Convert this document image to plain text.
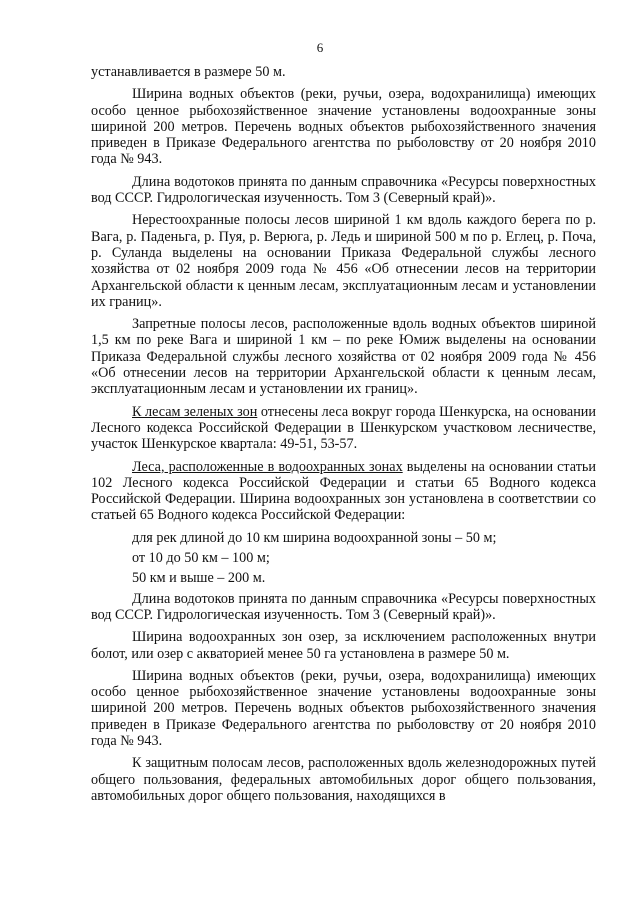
6

устанавливается в размере 50 м.

Ширина водных объектов (реки, ручьи, озера, водохранилища) имеющих особо ценное рыбохозяйственное значение установлены водоохранные зоны шириной 200 метров. Перечень водных объектов рыбохозяйственного значения приведен в Приказе Федерального агентства по рыболовству от 20 ноября 2010 года № 943.

Длина водотоков принята по данным справочника «Ресурсы поверхностных вод СССР. Гидрологическая изученность. Том 3 (Северный край)».

Нерестоохранные полосы лесов шириной 1 км вдоль каждого берега по р. Вага, р. Паденьга, р. Пуя, р. Верюга, р. Ледь и шириной 500 м по р. Еглец, р. Поча, р. Суланда выделены на основании Приказа Федеральной службы лесного хозяйства от 02 ноября 2009 года № 456 «Об отнесении лесов на территории Архангельской области к ценным лесам, эксплуатационным лесам и установлении их границ».

Запретные полосы лесов, расположенные вдоль водных объектов шириной 1,5 км по реке Вага и шириной 1 км – по реке Юмиж выделены на основании Приказа Федеральной службы лесного хозяйства от 02 ноября 2009 года № 456 «Об отнесении лесов на территории Архангельской области к ценным лесам, эксплуатационным лесам и установлении их границ».

К лесам зеленых зон отнесены леса вокруг города Шенкурска, на основании Лесного кодекса Российской Федерации в Шенкурском участковом лесничестве, участок Шенкурское квартала: 49-51, 53-57.

Леса, расположенные в водоохранных зонах выделены на основании статьи 102 Лесного кодекса Российской Федерации и статьи 65 Водного кодекса Российской Федерации. Ширина водоохранных зон установлена в соответствии со статьей 65 Водного кодекса Российской Федерации:

для рек длиной до 10 км ширина водоохранной зоны – 50 м;

от 10 до 50 км – 100 м;

50 км и выше – 200 м.

Длина водотоков принята по данным справочника «Ресурсы поверхностных вод СССР. Гидрологическая изученность. Том 3 (Северный край)».

Ширина водоохранных зон озер, за исключением расположенных внутри болот, или озер с акваторией менее 50 га установлена в размере 50 м.

Ширина водных объектов (реки, ручьи, озера, водохранилища) имеющих особо ценное рыбохозяйственное значение установлены водоохранные зоны шириной 200 метров. Перечень водных объектов рыбохозяйственного значения приведен в Приказе Федерального агентства по рыболовству от 20 ноября 2010 года № 943.

К защитным полосам лесов, расположенных вдоль железнодорожных путей общего пользования, федеральных автомобильных дорог общего пользования, автомобильных дорог общего пользования, находящихся в
